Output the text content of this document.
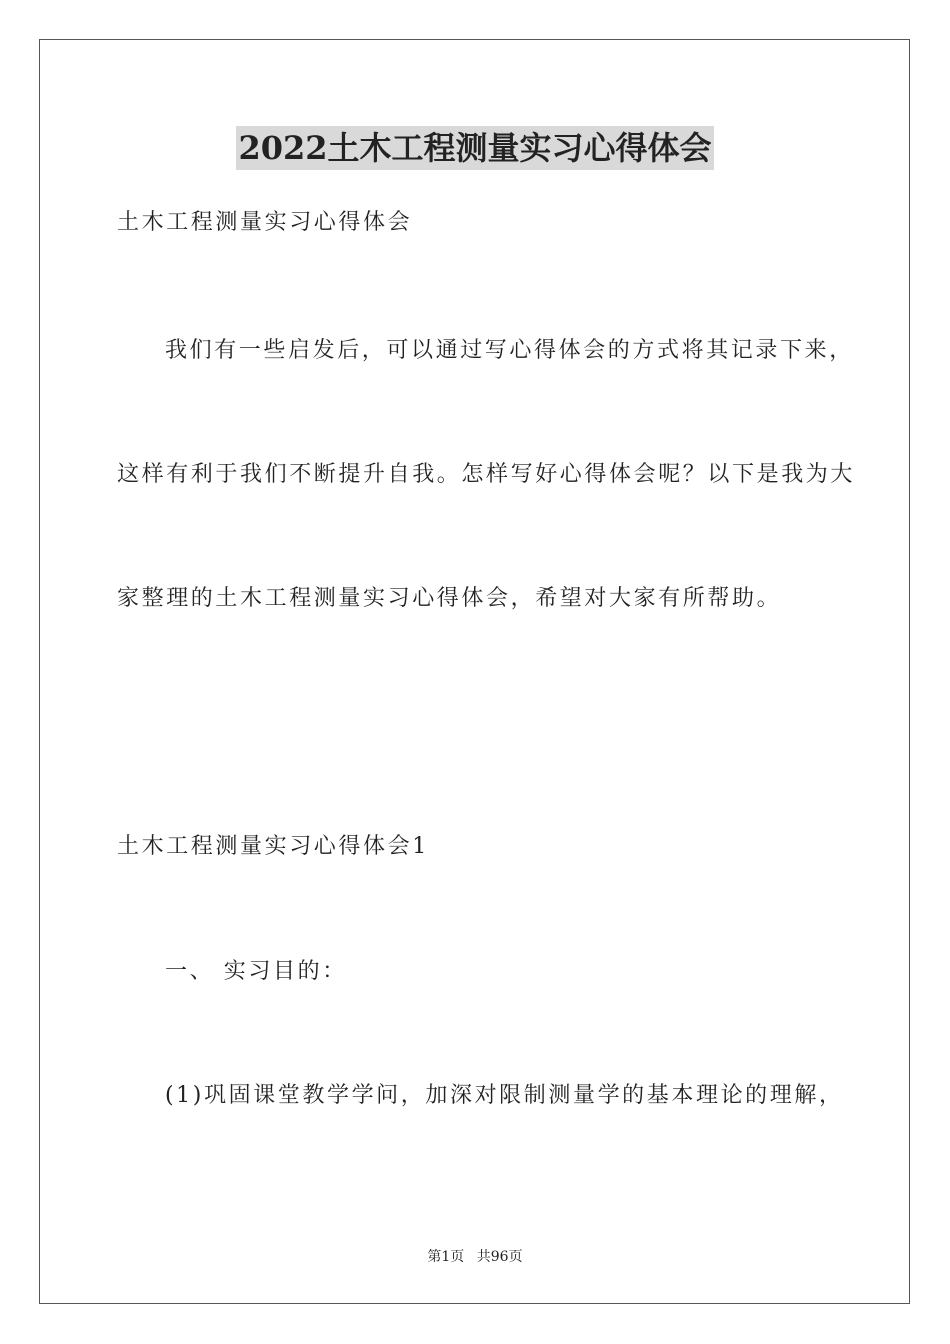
2022土木工程测量实习心得体会
土木工程测量实习心得体会
我们有一些启发后，可以通过写心得体会的方式将其记录下来，
这样有利于我们不断提升自我。怎样写好心得体会呢？以下是我为大
家整理的土木工程测量实习心得体会，希望对大家有所帮助。
土木工程测量实习心得体会1
一、 实习目的：
(1)巩固课堂教学学问，加深对限制测量学的基本理论的理解，
第1页 共96页
